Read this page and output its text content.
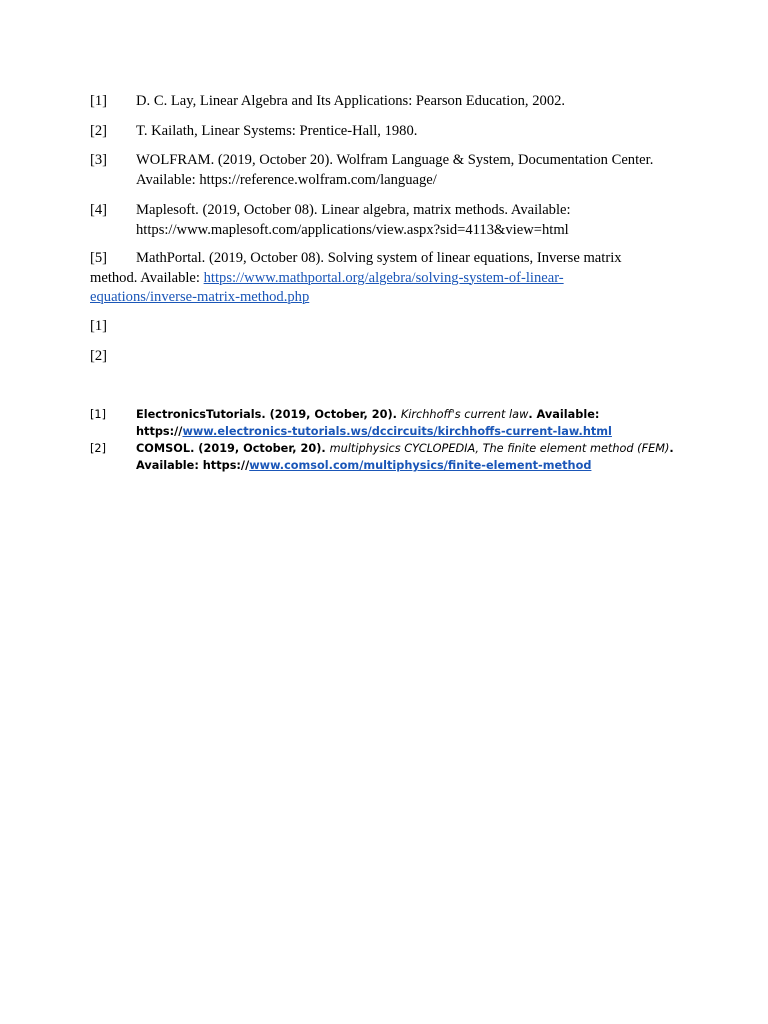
[1] D. C. Lay, Linear Algebra and Its Applications: Pearson Education, 2002.
[2] T. Kailath, Linear Systems: Prentice-Hall, 1980.
[3] WOLFRAM. (2019, October 20). Wolfram Language & System, Documentation Center.
Available: https://reference.wolfram.com/language/
[4] Maplesoft. (2019, October 08). Linear algebra, matrix methods. Available:
https://www.maplesoft.com/applications/view.aspx?sid=4113&view=html
[5]	MathPortal. (2019, October 08). Solving system of linear equations, Inverse matrix method. Available: https://www.mathportal.org/algebra/solving-system-of-linear-equations/inverse-matrix-method.php
[1]
[2]
[1]	ElectronicsTutorials. (2019, October, 20). Kirchhoff's current law. Available:
https://www.electronics-tutorials.ws/dccircuits/kirchhoffs-current-law.html
[2]	COMSOL. (2019, October, 20). multiphysics CYCLOPEDIA, The finite element method (FEM).
Available: https://www.comsol.com/multiphysics/finite-element-method
